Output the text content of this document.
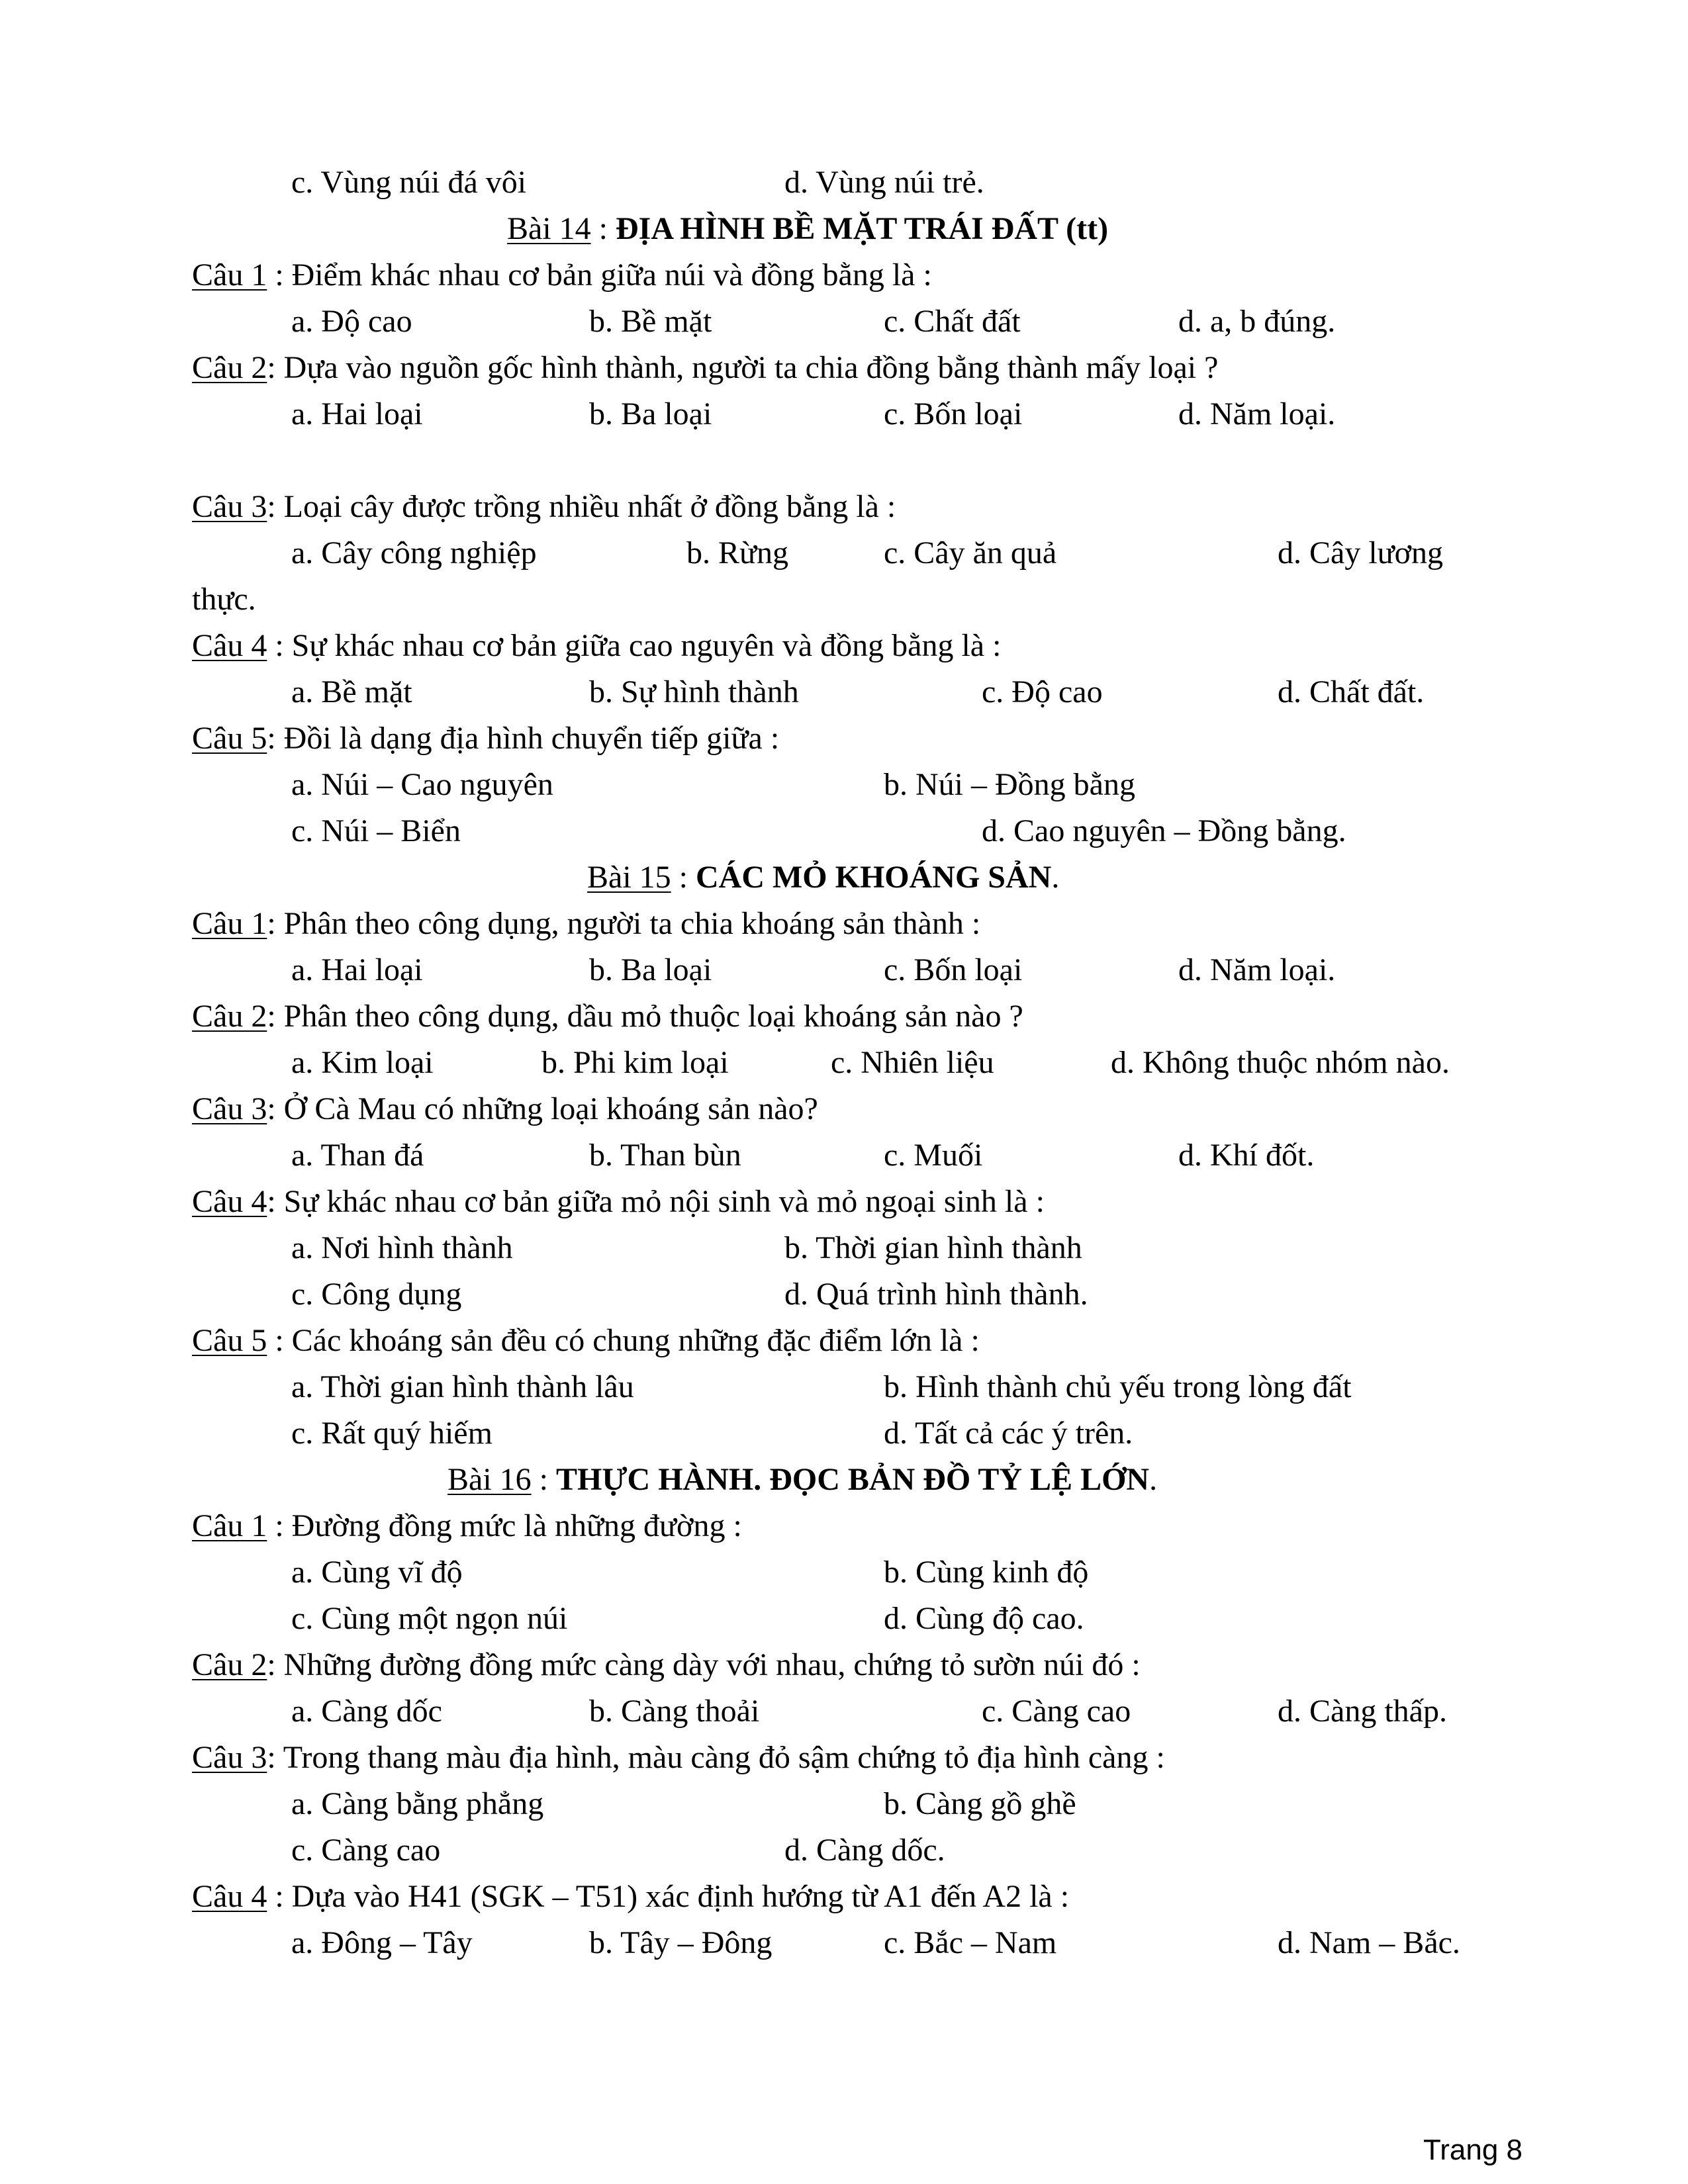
c. Vùng núi đá vôi	d. Vùng núi trẻ.
Bài 14 : ĐỊA HÌNH BỀ MẶT TRÁI ĐẤT (tt)
Câu 1 : Điểm khác nhau cơ bản giữa núi và đồng bằng là :
a. Độ cao	b. Bề mặt	c. Chất đất	d. a, b đúng.
Câu 2: Dựa vào nguồn gốc hình thành, người ta chia đồng bằng thành mấy loại ?
a. Hai loại	b. Ba loại	c. Bốn loại	d. Năm loại.
Câu 3: Loại cây được trồng nhiều nhất ở đồng bằng là :
a. Cây công nghiệp	b. Rừng	c. Cây ăn quả	d. Cây lương
thực.
Câu 4 : Sự khác nhau cơ bản giữa cao nguyên và đồng bằng là :
a. Bề mặt	b. Sự hình thành	c. Độ cao	d. Chất đất.
Câu 5: Đồi là dạng địa hình chuyển tiếp giữa :
a. Núi – Cao nguyên	b. Núi – Đồng bằng
c. Núi – Biển	d. Cao nguyên – Đồng bằng.
Bài 15 : CÁC MỎ KHOÁNG SẢN.
Câu 1: Phân theo công dụng, người ta chia khoáng sản thành :
a. Hai loại	b. Ba loại	c. Bốn loại	d. Năm loại.
Câu 2: Phân theo công dụng, dầu mỏ thuộc loại khoáng sản nào ?
a. Kim loại	b. Phi kim loại	c. Nhiên liệu	d. Không thuộc nhóm nào.
Câu 3: Ở Cà Mau có những loại khoáng sản nào?
a. Than đá	b. Than bùn	c. Muối	d. Khí đốt.
Câu 4: Sự khác nhau cơ bản giữa mỏ nội sinh và mỏ ngoại sinh là :
a. Nơi hình thành	b. Thời gian hình thành
c. Công dụng	d. Quá trình hình thành.
Câu 5 : Các khoáng sản đều có chung những đặc điểm lớn là :
a. Thời gian hình thành lâu	b. Hình thành chủ yếu trong lòng đất
c. Rất quý hiếm	d. Tất cả các ý trên.
Bài 16 : THỰC HÀNH. ĐỌC BẢN ĐỒ TỶ LỆ LỚN.
Câu 1 : Đường đồng mức là những đường :
a. Cùng vĩ độ	b. Cùng kinh độ
c. Cùng một ngọn núi	d. Cùng độ cao.
Câu 2: Những đường đồng mức càng dày với nhau, chứng tỏ sườn núi đó :
a. Càng dốc	b. Càng thoải	c. Càng cao	d. Càng thấp.
Câu 3: Trong thang màu địa hình, màu càng đỏ sậm chứng tỏ địa hình càng :
a. Càng bằng phẳng	b. Càng gồ ghề
c. Càng cao	d. Càng dốc.
Câu 4 : Dựa vào H41 (SGK – T51) xác định hướng từ A1 đến A2 là :
a. Đông – Tây	b. Tây – Đông	c. Bắc – Nam	d. Nam – Bắc.
Trang 8
